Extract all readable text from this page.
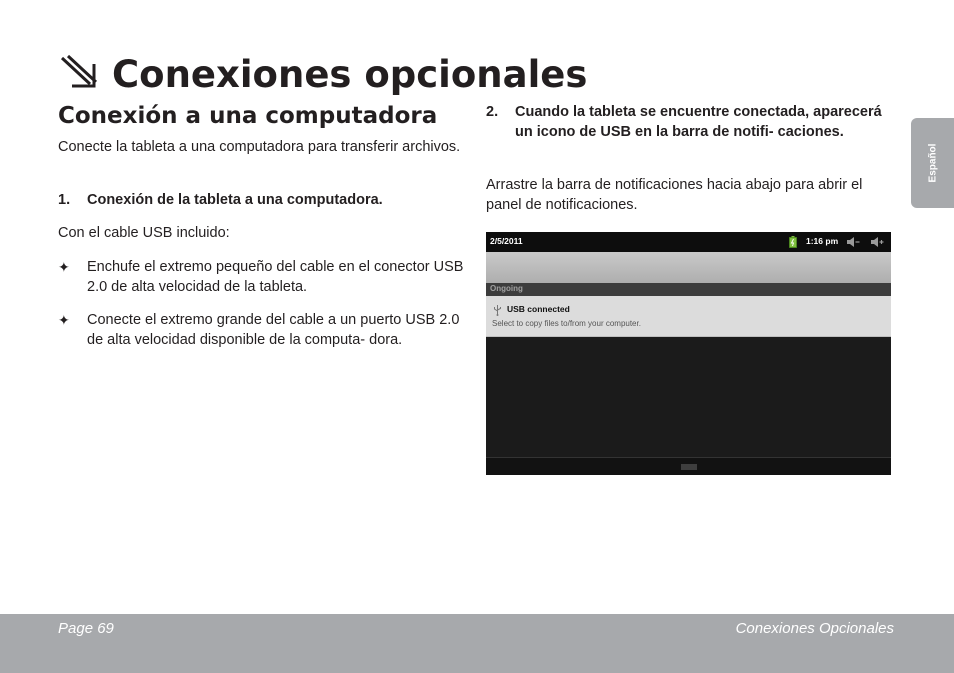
Conexiones opcionales
Conexión a una computadora

Conecte la tableta a una computadora para transferir archivos.

1. Conexión de la tableta a una computadora.

Con el cable USB incluido:

✦ Enchufe el extremo pequeño del cable en el conector USB 2.0 de alta velocidad de la tableta.

✦ Conecte el extremo grande del cable a un puerto USB 2.0 de alta velocidad disponible de la computa- dora.

2. Cuando la tableta se encuentre conectada, aparecerá un icono de USB en la barra de notifi- caciones.

Arrastre la barra de notificaciones hacia abajo para abrir el panel de notificaciones.

Español
2/5/2011	1:16 pm
Ongoing
USB connected
Select to copy files to/from your computer.
Page 69	Conexiones Opcionales
